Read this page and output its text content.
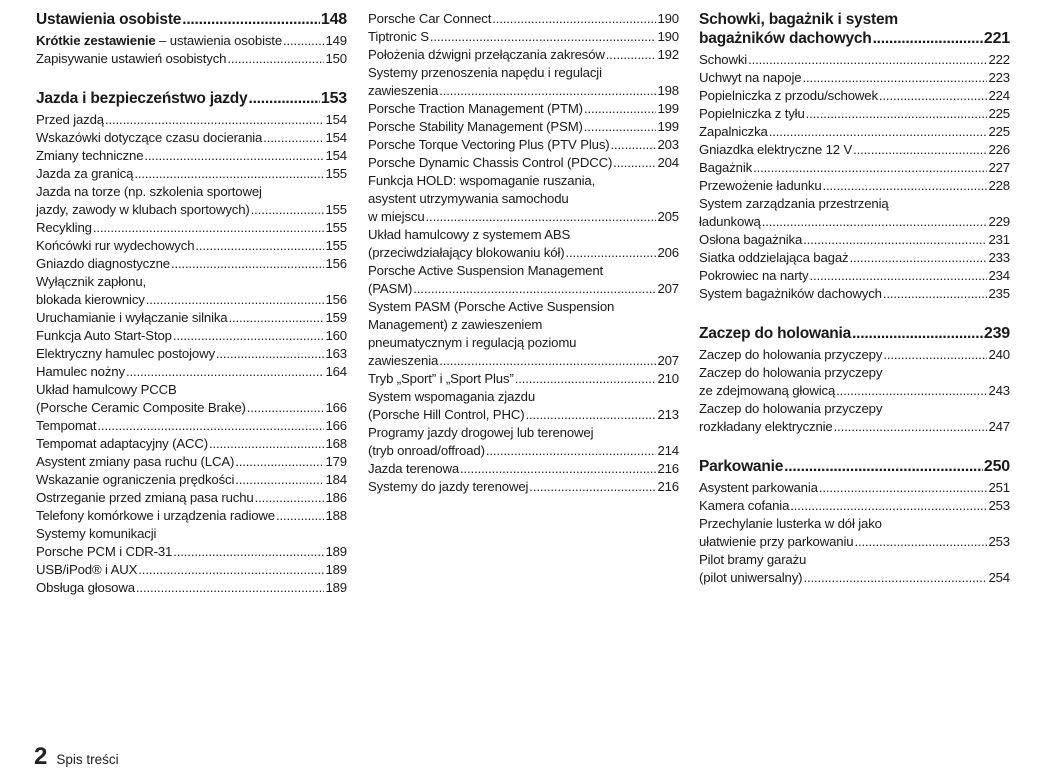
Ustawienia osobiste .....	148
Krótkie zestawienie – ustawienia osobiste .....	149
Zapisywanie ustawień osobistych .....	150
Jazda i bezpieczeństwo jazdy .....	153
Przed jazdą .....	154
Wskazówki dotyczące czasu docierania .....	154
Zmiany techniczne .....	154
Jazda za granicą .....	155
Jazda na torze (np. szkolenia sportowej
jazdy, zawody w klubach sportowych) .....	155
Recykling .....	155
Końcówki rur wydechowych .....	155
Gniazdo diagnostyczne .....	156
Wyłącznik zapłonu,
blokada kierownicy .....	156
Uruchamianie i wyłączanie silnika .....	159
Funkcja Auto Start-Stop .....	160
Elektryczny hamulec postojowy .....	163
Hamulec nożny .....	164
Układ hamulcowy PCCB
(Porsche Ceramic Composite Brake) .....	166
Tempomat .....	166
Tempomat adaptacyjny (ACC) .....	168
Asystent zmiany pasa ruchu (LCA) .....	179
Wskazanie ograniczenia prędkości .....	184
Ostrzeganie przed zmianą pasa ruchu .....	186
Telefony komórkowe i urządzenia radiowe .....	188
Systemy komunikacji
Porsche PCM i CDR-31 .....	189
USB/iPod® i AUX .....	189
Obsługa głosowa .....	189
Porsche Car Connect .....	190
Tiptronic S .....	190
Położenia dźwigni przełączania zakresów .....	192
Systemy przenoszenia napędu i regulacji
zawieszenia .....	198
Porsche Traction Management (PTM) .....	199
Porsche Stability Management (PSM) .....	199
Porsche Torque Vectoring Plus (PTV Plus) .....	203
Porsche Dynamic Chassis Control (PDCC) .....	204
Funkcja HOLD: wspomaganie ruszania,
asystent utrzymywania samochodu
w miejscu .....	205
Układ hamulcowy z systemem ABS
(przeciwdziałający blokowaniu kół) .....	206
Porsche Active Suspension Management
(PASM) .....	207
System PASM (Porsche Active Suspension
Management) z zawieszeniem
pneumatycznym i regulacją poziomu
zawieszenia .....	207
Tryb „Sport” i „Sport Plus” .....	210
System wspomagania zjazdu
(Porsche Hill Control, PHC) .....	213
Programy jazdy drogowej lub terenowej
(tryb onroad/offroad) .....	214
Jazda terenowa .....	216
Systemy do jazdy terenowej .....	216
Schowki, bagażnik i system
bagażników dachowych .....	221
Schowki .....	222
Uchwyt na napoje .....	223
Popielniczka z przodu/schowek .....	224
Popielniczka z tyłu .....	225
Zapalniczka .....	225
Gniazdka elektryczne 12 V .....	226
Bagażnik .....	227
Przewożenie ładunku .....	228
System zarządzania przestrzenią
ładunkową .....	229
Osłona bagażnika .....	231
Siatka oddzielająca bagaż .....	233
Pokrowiec na narty .....	234
System bagażników dachowych .....	235
Zaczep do holowania .....	239
Zaczep do holowania przyczepy .....	240
Zaczep do holowania przyczepy
ze zdejmowaną głowicą .....	243
Zaczep do holowania przyczepy
rozkładany elektrycznie .....	247
Parkowanie .....	250
Asystent parkowania .....	251
Kamera cofania .....	253
Przechylanie lusterka w dół jako
ułatwienie przy parkowaniu .....	253
Pilot bramy garażu
(pilot uniwersalny) .....	254
2 Spis treści
